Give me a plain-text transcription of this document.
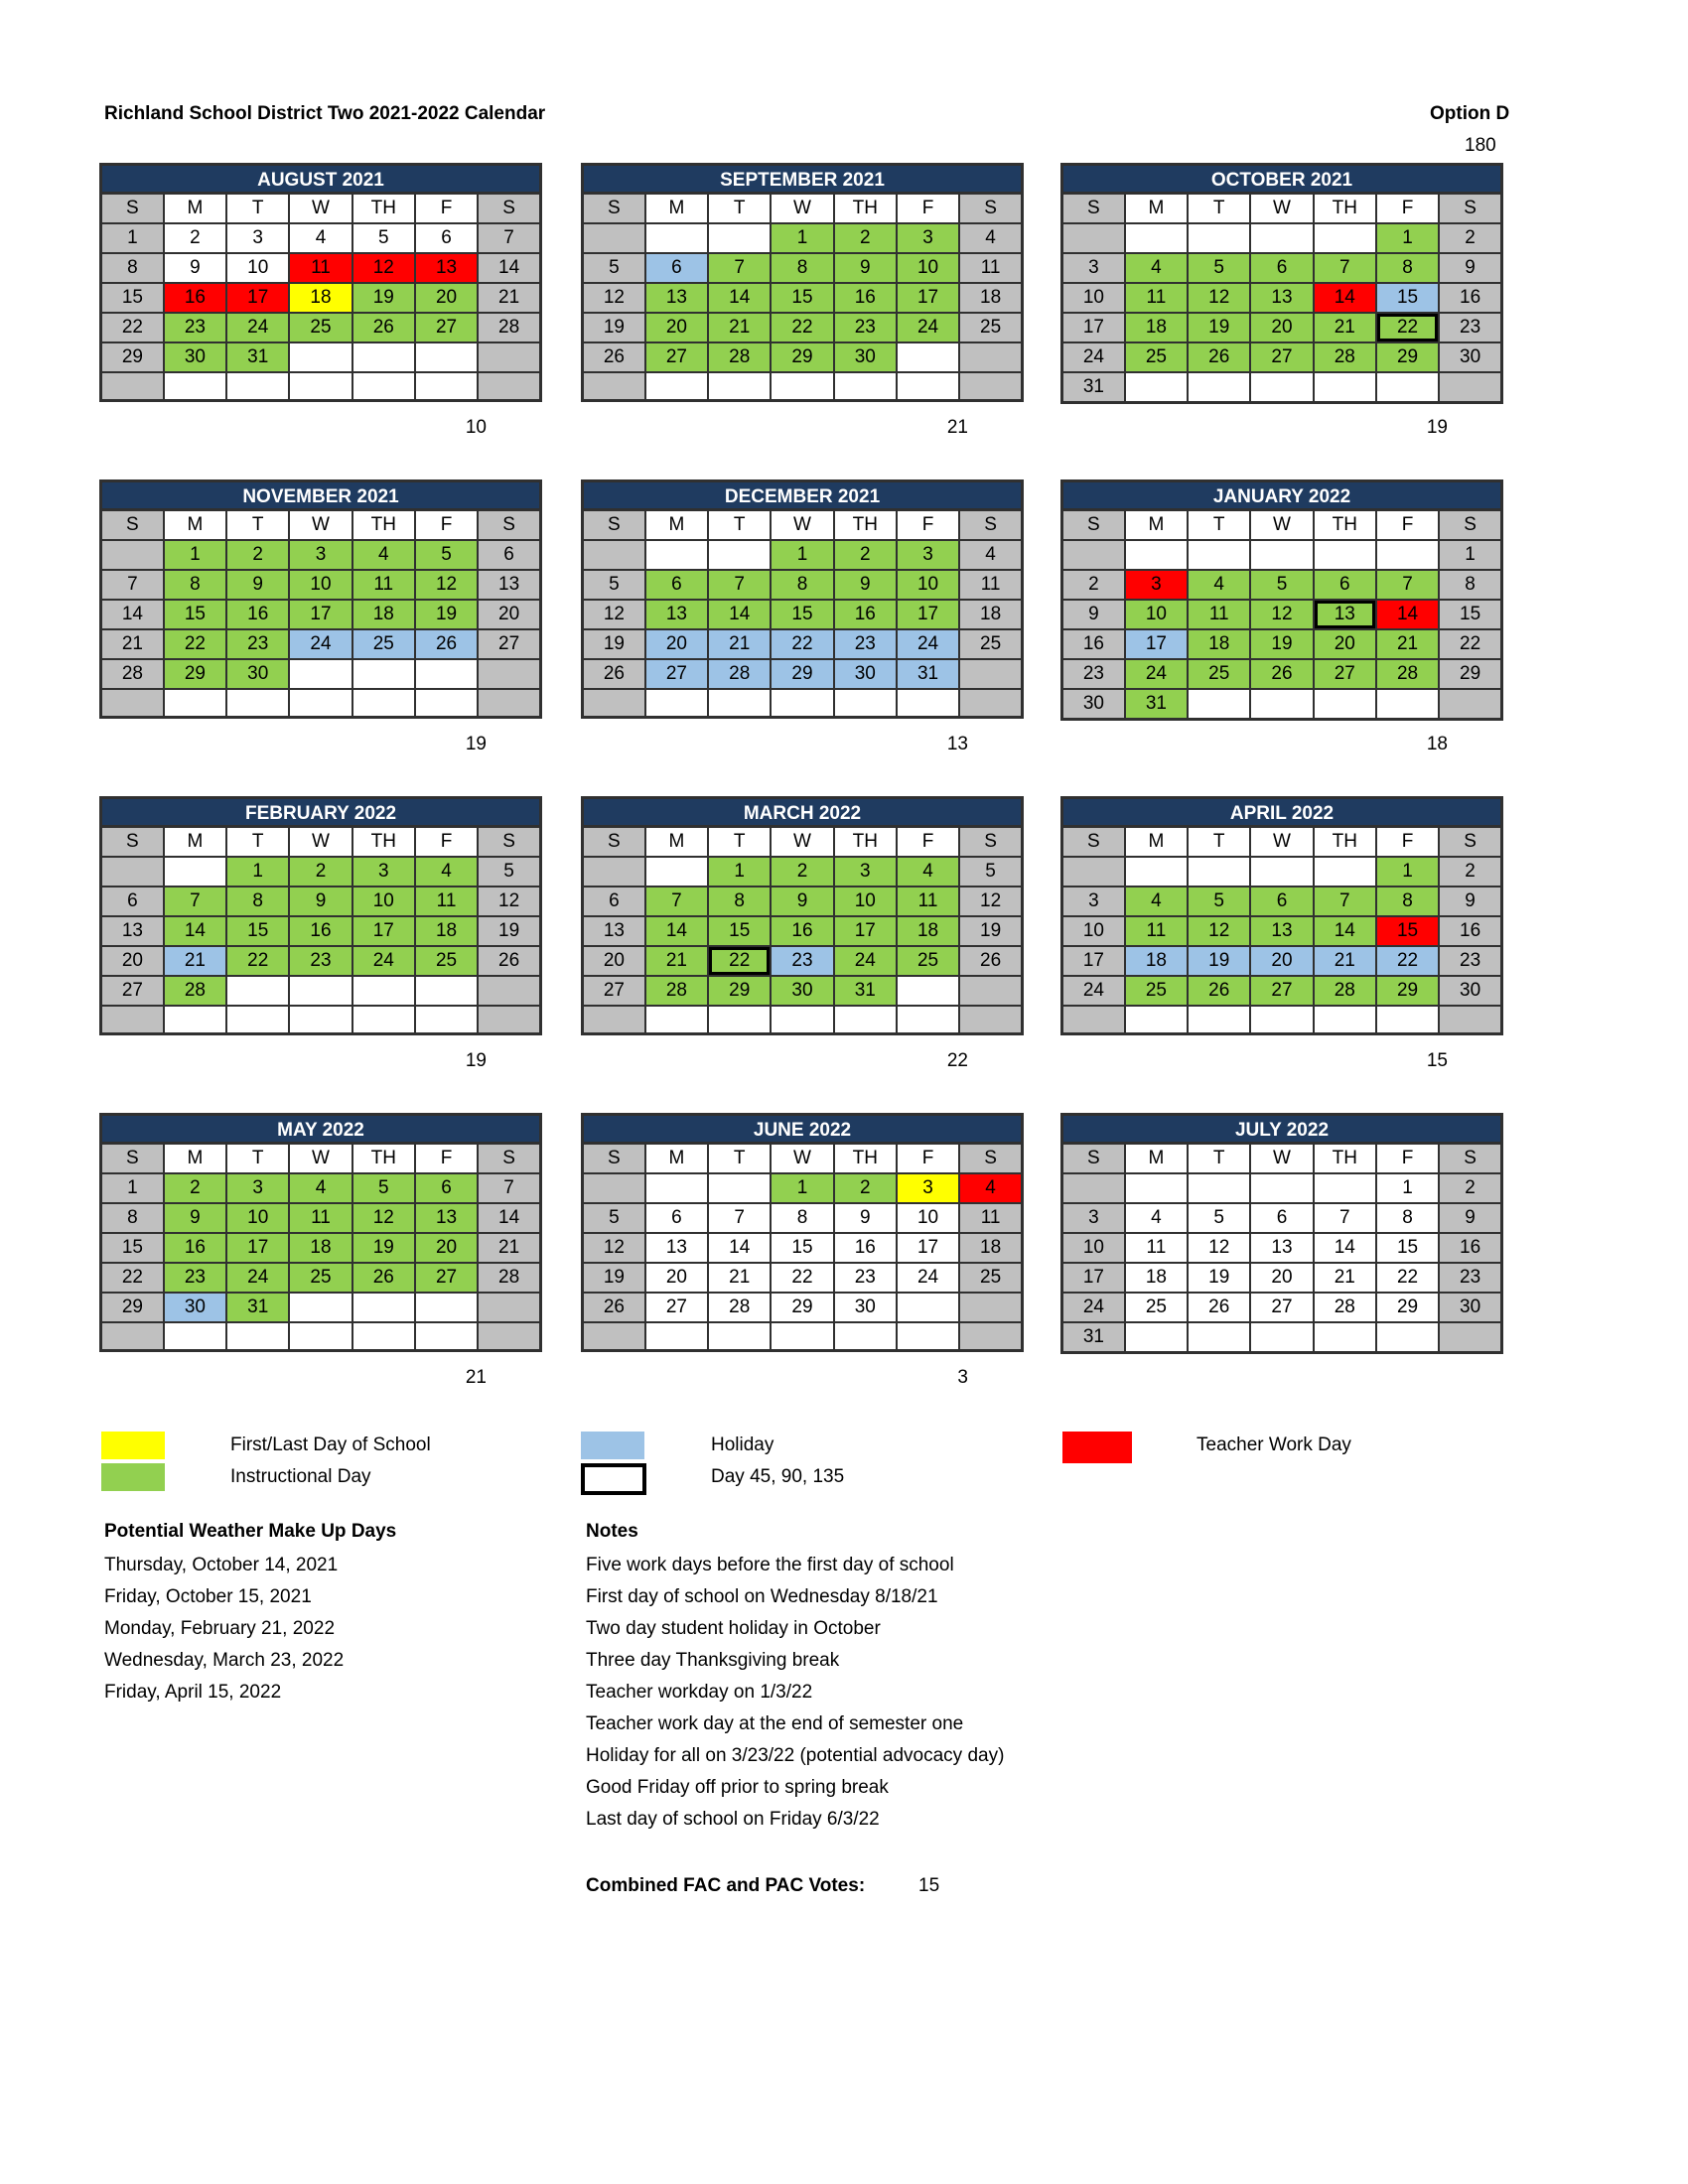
Richland School District Two 2021-2022 Calendar	Option D
180
AUGUST 2021
S	M	T	W	TH	F	S
1	2	3	4	5	6	7
8	9	10	11	12	13	14
15	16	17	18	19	20	21
22	23	24	25	26	27	28
29	30	31				

10
SEPTEMBER 2021
S	M	T	W	TH	F	S
			1	2	3	4
5	6	7	8	9	10	11
12	13	14	15	16	17	18
19	20	21	22	23	24	25
26	27	28	29	30		

21
OCTOBER 2021
S	M	T	W	TH	F	S
					1	2
3	4	5	6	7	8	9
10	11	12	13	14	15	16
17	18	19	20	21	22	23
24	25	26	27	28	29	30
31						
19
NOVEMBER 2021
S	M	T	W	TH	F	S
	1	2	3	4	5	6
7	8	9	10	11	12	13
14	15	16	17	18	19	20
21	22	23	24	25	26	27
28	29	30				

19
DECEMBER 2021
S	M	T	W	TH	F	S
			1	2	3	4
5	6	7	8	9	10	11
12	13	14	15	16	17	18
19	20	21	22	23	24	25
26	27	28	29	30	31	

13
JANUARY 2022
S	M	T	W	TH	F	S
						1
2	3	4	5	6	7	8
9	10	11	12	13	14	15
16	17	18	19	20	21	22
23	24	25	26	27	28	29
30	31					
18
FEBRUARY 2022
S	M	T	W	TH	F	S
		1	2	3	4	5
6	7	8	9	10	11	12
13	14	15	16	17	18	19
20	21	22	23	24	25	26
27	28					

19
MARCH 2022
S	M	T	W	TH	F	S
		1	2	3	4	5
6	7	8	9	10	11	12
13	14	15	16	17	18	19
20	21	22	23	24	25	26
27	28	29	30	31		

22
APRIL 2022
S	M	T	W	TH	F	S
					1	2
3	4	5	6	7	8	9
10	11	12	13	14	15	16
17	18	19	20	21	22	23
24	25	26	27	28	29	30

15
MAY 2022
S	M	T	W	TH	F	S
1	2	3	4	5	6	7
8	9	10	11	12	13	14
15	16	17	18	19	20	21
22	23	24	25	26	27	28
29	30	31				

21
JUNE 2022
S	M	T	W	TH	F	S
			1	2	3	4
5	6	7	8	9	10	11
12	13	14	15	16	17	18
19	20	21	22	23	24	25
26	27	28	29	30		

3
JULY 2022
S	M	T	W	TH	F	S
					1	2
3	4	5	6	7	8	9
10	11	12	13	14	15	16
17	18	19	20	21	22	23
24	25	26	27	28	29	30
31						
First/Last Day of School
Instructional Day
Holiday
Day 45, 90, 135
Teacher Work Day
Potential Weather Make Up Days
Thursday, October 14, 2021
Friday, October 15, 2021
Monday, February 21, 2022
Wednesday, March 23, 2022
Friday, April 15, 2022
Notes
Five work days before the first day of school
First day of school on Wednesday 8/18/21
Two day student holiday in October
Three day Thanksgiving break
Teacher workday on 1/3/22
Teacher work day at the end of semester one
Holiday for all on 3/23/22 (potential advocacy day)
Good Friday off prior to spring break
Last day of school on Friday 6/3/22
Combined FAC and PAC Votes:	15
